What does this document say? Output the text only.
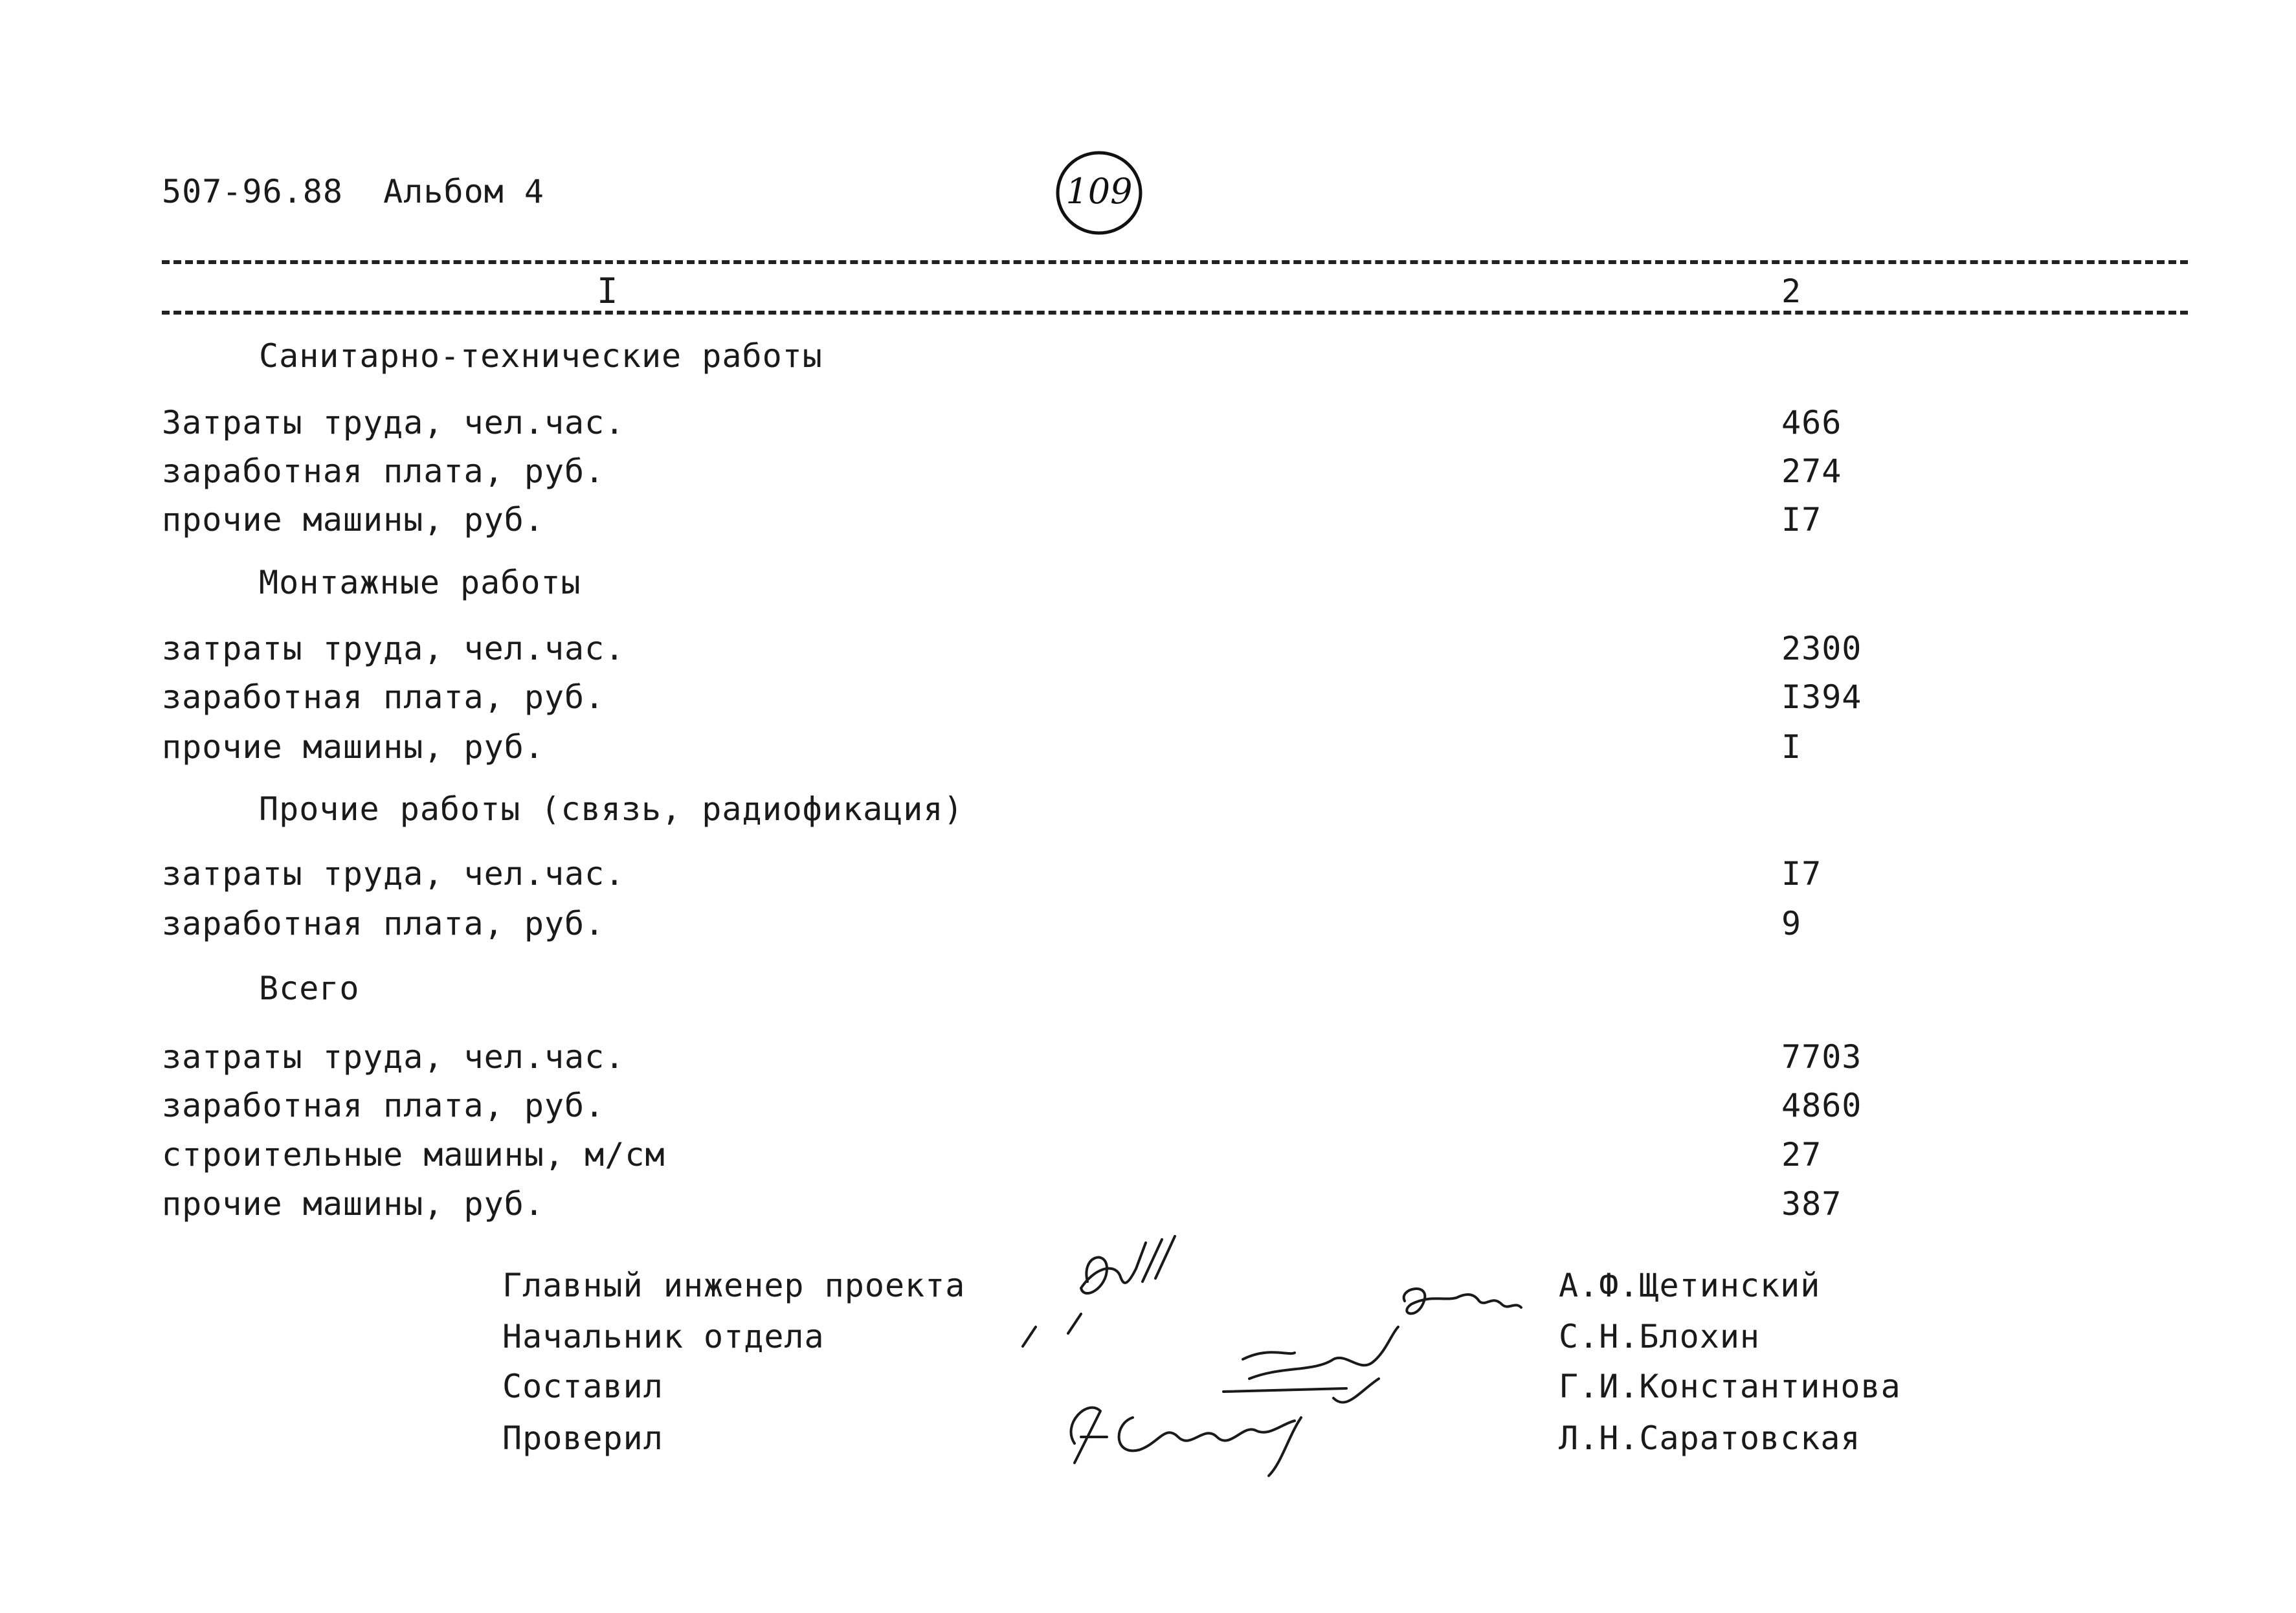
507-96.88 Альбом 4	109
I	2
Санитарно-технические работы
Затраты труда, чел.час.	466
заработная плата, руб.	274
прочие машины, руб.	I7
Монтажные работы
затраты труда, чел.час.	2300
заработная плата, руб.	I394
прочие машины, руб.	I
Прочие работы (связь, радиофикация)
затраты труда, чел.час.	I7
заработная плата, руб.	9
Всего
затраты труда, чел.час.	7703
заработная плата, руб.	4860
строительные машины, м/см	27
прочие машины, руб.	387
Главный инженер проекта	А.Ф.Щетинский
Начальник отдела	С.Н.Блохин
Составил	Г.И.Константинова
Проверил	Л.Н.Саратовская
